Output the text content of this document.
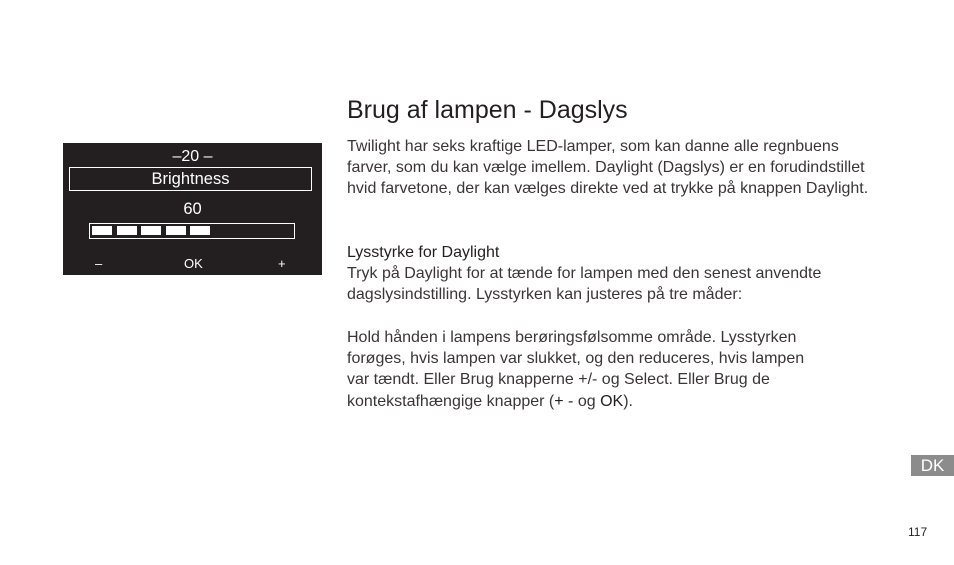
–20 –
Brightness
60
–	OK	+
Brug af lampen - Dagslys

Twilight har seks kraftige LED-lamper, som kan danne alle regnbuens farver, som du kan vælge imellem. Daylight (Dagslys) er en forudindstillet hvid farvetone, der kan vælges direkte ved at trykke på knappen Daylight.

Lysstyrke for Daylight

Tryk på Daylight for at tænde for lampen med den senest anvendte dagslysindstilling. Lysstyrken kan justeres på tre måder:

Hold hånden i lampens berøringsfølsomme område. Lysstyrken
forøges, hvis lampen var slukket, og den reduceres, hvis lampen
var tændt. Eller Brug knapperne +/- og Select. Eller Brug de
kontekstafhængige knapper (+ - og OK).

DK
117
